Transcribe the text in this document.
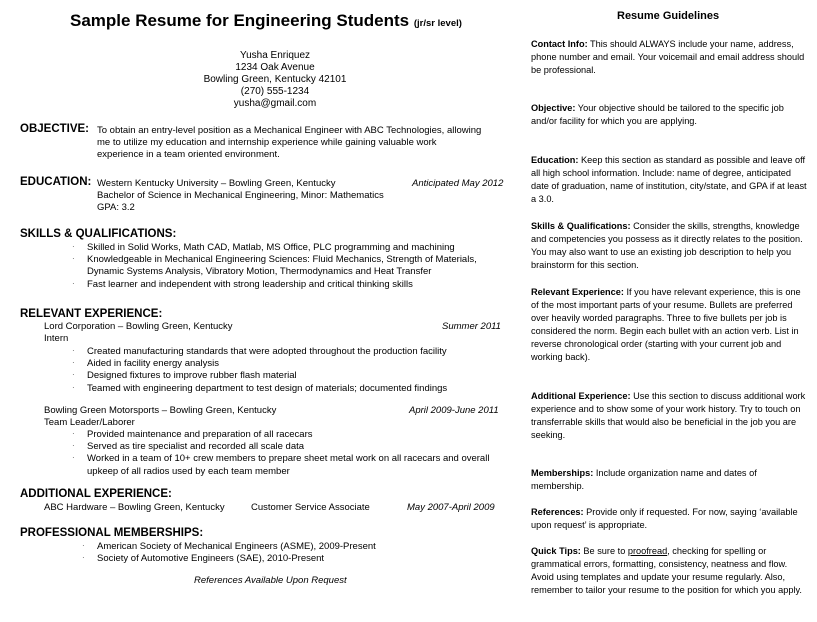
Sample Resume for Engineering Students (jr/sr level)
Yusha Enriquez
1234 Oak Avenue
Bowling Green, Kentucky 42101
(270) 555-1234
yusha@gmail.com
OBJECTIVE: To obtain an entry-level position as a Mechanical Engineer with ABC Technologies, allowing
me to utilize my education and internship experience while gaining valuable work
experience in a team oriented environment.
EDUCATION: Western Kentucky University – Bowling Green, Kentucky	Anticipated May 2012
Bachelor of Science in Mechanical Engineering, Minor: Mathematics
GPA: 3.2
SKILLS & QUALIFICATIONS:
· Skilled in Solid Works, Math CAD, Matlab, MS Office, PLC programming and machining
· Knowledgeable in Mechanical Engineering Sciences: Fluid Mechanics, Strength of Materials,
Dynamic Systems Analysis, Vibratory Motion, Thermodynamics and Heat Transfer
· Fast learner and independent with strong leadership and critical thinking skills
RELEVANT EXPERIENCE:
Lord Corporation – Bowling Green, Kentucky	Summer 2011
Intern
· Created manufacturing standards that were adopted throughout the production facility
· Aided in facility energy analysis
· Designed fixtures to improve rubber flash material
· Teamed with engineering department to test design of materials; documented findings
Bowling Green Motorsports – Bowling Green, Kentucky	April 2009-June 2011
Team Leader/Laborer
· Provided maintenance and preparation of all racecars
· Served as tire specialist and recorded all scale data
· Worked in a team of 10+ crew members to prepare sheet metal work on all racecars and overall
upkeep of all radios used by each team member
ADDITIONAL EXPERIENCE:
ABC Hardware – Bowling Green, Kentucky	Customer Service Associate	May 2007-April 2009
PROFESSIONAL MEMBERSHIPS:
· American Society of Mechanical Engineers (ASME), 2009-Present
· Society of Automotive Engineers (SAE), 2010-Present
References Available Upon Request
Resume Guidelines
Contact Info: This should ALWAYS include your name, address, phone number and email. Your voicemail and email address should be professional.
Objective: Your objective should be tailored to the specific job and/or facility for which you are applying.
Education: Keep this section as standard as possible and leave off all high school information. Include: name of degree, anticipated date of graduation, name of institution, city/state, and GPA if at least a 3.0.
Skills & Qualifications: Consider the skills, strengths, knowledge and competencies you possess as it directly relates to the position. You may also want to use an existing job description to help you brainstorm for this section.
Relevant Experience: If you have relevant experience, this is one of the most important parts of your resume. Bullets are preferred over heavily worded paragraphs. Three to five bullets per job is considered the norm. Begin each bullet with an action verb. List in reverse chronological order (starting with your current job and working back).
Additional Experience: Use this section to discuss additional work experience and to show some of your work history. Try to touch on transferrable skills that would also be beneficial in the job you are seeking.
Memberships: Include organization name and dates of membership.
References: Provide only if requested. For now, saying ‘available upon request’ is appropriate.
Quick Tips: Be sure to proofread, checking for spelling or grammatical errors, formatting, consistency, neatness and flow. Avoid using templates and update your resume regularly. Also, remember to tailor your resume to the position for which you apply.
